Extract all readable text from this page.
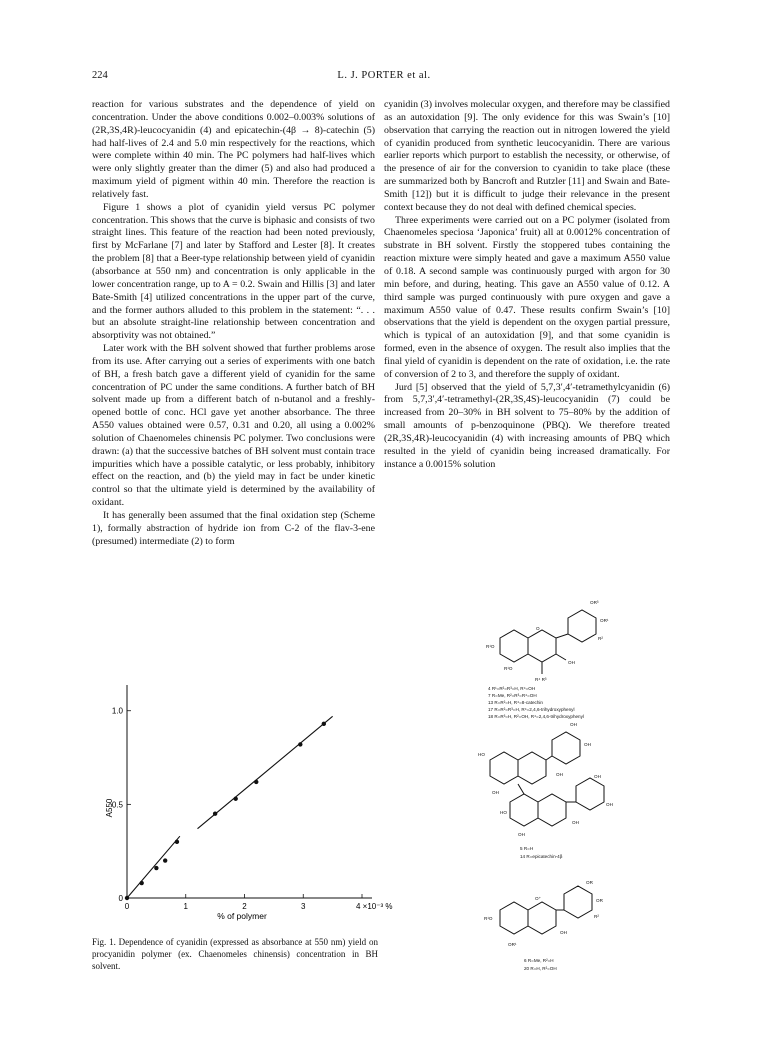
224	L. J. PORTER et al.

reaction for various substrates and the dependence of yield on concentration. Under the above conditions 0.002–0.003% solutions of (2R,3S,4R)-leucocyanidin (4) and epicatechin-(4β → 8)-catechin (5) had half-lives of 2.4 and 5.0 min respectively for the reactions, which were complete within 40 min. The PC polymers had half-lives which were only slightly greater than the dimer (5) and also had produced a maximum yield of pigment within 40 min. Therefore the reaction is relatively fast.

Figure 1 shows a plot of cyanidin yield versus PC polymer concentration. This shows that the curve is biphasic and consists of two straight lines. This feature of the reaction had been noted previously, first by McFarlane [7] and later by Stafford and Lester [8]. It creates the problem [8] that a Beer-type relationship between yield of cyanidin (absorbance at 550 nm) and concentration is only applicable in the lower concentration range, up to A = 0.2. Swain and Hillis [3] and later Bate-Smith [4] utilized concentrations in the upper part of the curve, and the former authors alluded to this problem in the statement: “. . . but an absolute straight-line relationship between concentration and absorptivity was not obtained.”

Later work with the BH solvent showed that further problems arose from its use. After carrying out a series of experiments with one batch of BH, a fresh batch gave a different yield of cyanidin for the same concentration of PC under the same conditions. A further batch of BH solvent made up from a different batch of n-butanol and a freshly-opened bottle of conc. HCl gave yet another absorbance. The three A550 values obtained were 0.57, 0.31 and 0.20, all using a 0.002% solution of Chaenomeles chinensis PC polymer. Two conclusions were drawn: (a) that the successive batches of BH solvent must contain trace impurities which have a possible catalytic, or less probably, inhibitory effect on the reaction, and (b) the yield may in fact be under kinetic control so that the ultimate yield is determined by the availability of oxidant.

It has generally been assumed that the final oxidation step (Scheme 1), formally abstraction of hydride ion from C-2 of the flav-3-ene (presumed) intermediate (2) to form

cyanidin (3) involves molecular oxygen, and therefore may be classified as an autoxidation [9]. The only evidence for this was Swain’s [10] observation that carrying the reaction out in nitrogen lowered the yield of cyanidin produced from synthetic leucocyanidin. There are various earlier reports which purport to establish the necessity, or otherwise, of the presence of air for the conversion to cyanidin to take place (these are summarized both by Bancroft and Rutzler [11] and Swain and Bate-Smith [12]) but it is difficult to judge their relevance in the present context because they do not deal with defined chemical species.

Three experiments were carried out on a PC polymer (isolated from Chaenomeles speciosa ‘Japonica’ fruit) all at 0.0012% concentration of substrate in BH solvent. Firstly the stoppered tubes containing the reaction mixture were simply heated and gave a maximum A550 value of 0.18. A second sample was continuously purged with argon for 30 min before, and during, heating. This gave an A550 value of 0.12. A third sample was purged continuously with pure oxygen and gave a maximum A550 value of 0.47. These results confirm Swain’s [10] observations that the yield is dependent on the oxygen partial pressure, which is typical of an autoxidation [9], and that some cyanidin is formed, even in the absence of oxygen. The result also implies that the final yield of cyanidin is dependent on the rate of oxidation, i.e. the rate of conversion of 2 to 3, and therefore the supply of oxidant.

Jurd [5] observed that the yield of 5,7,3′,4′-tetramethylcyanidin (6) from 5,7,3′,4′-tetramethyl-(2R,3S,4S)-leucocyanidin (7) could be increased from 20–30% in BH solvent to 75–80% by the addition of small amounts of p-benzoquinone (PBQ). We therefore treated (2R,3S,4R)-leucocyanidin (4) with increasing amounts of PBQ which resulted in the yield of cyanidin being increased dramatically. For instance a 0.0015% solution

0	1	2	3	4 ×10⁻³ %
0
0.5
1.0
A550
% of polymer
Fig. 1. Dependence of cyanidin (expressed as absorbance at 550 nm) yield on procyanidin polymer (ex. Chaenomeles chinensis) concentration in BH solvent.
R¹O
O
OR³
OR¹
R²
OH
R¹O
R⁴ R³
4 R¹=R²=R³=H, R⁴=OH
7 R=Me, R²=R³=R⁴=OH
13 R=R²=H, R⁴=8-catechin
17 R=R²=R³=H, R⁴=2,4,6-trihydroxyphenyl
18 R=R³=H, R²=OH, R⁴=2,4,6-trihydroxyphenyl
OH
OH
HO
OH
OH
HO
OH
OH
OH
OH
5 R=H
14 R=epicatechin-4β
OR
OR
R²
R¹O
O⁺
OR¹
OH
6 R=Me, R²=H
20 R=H, R²=OH
